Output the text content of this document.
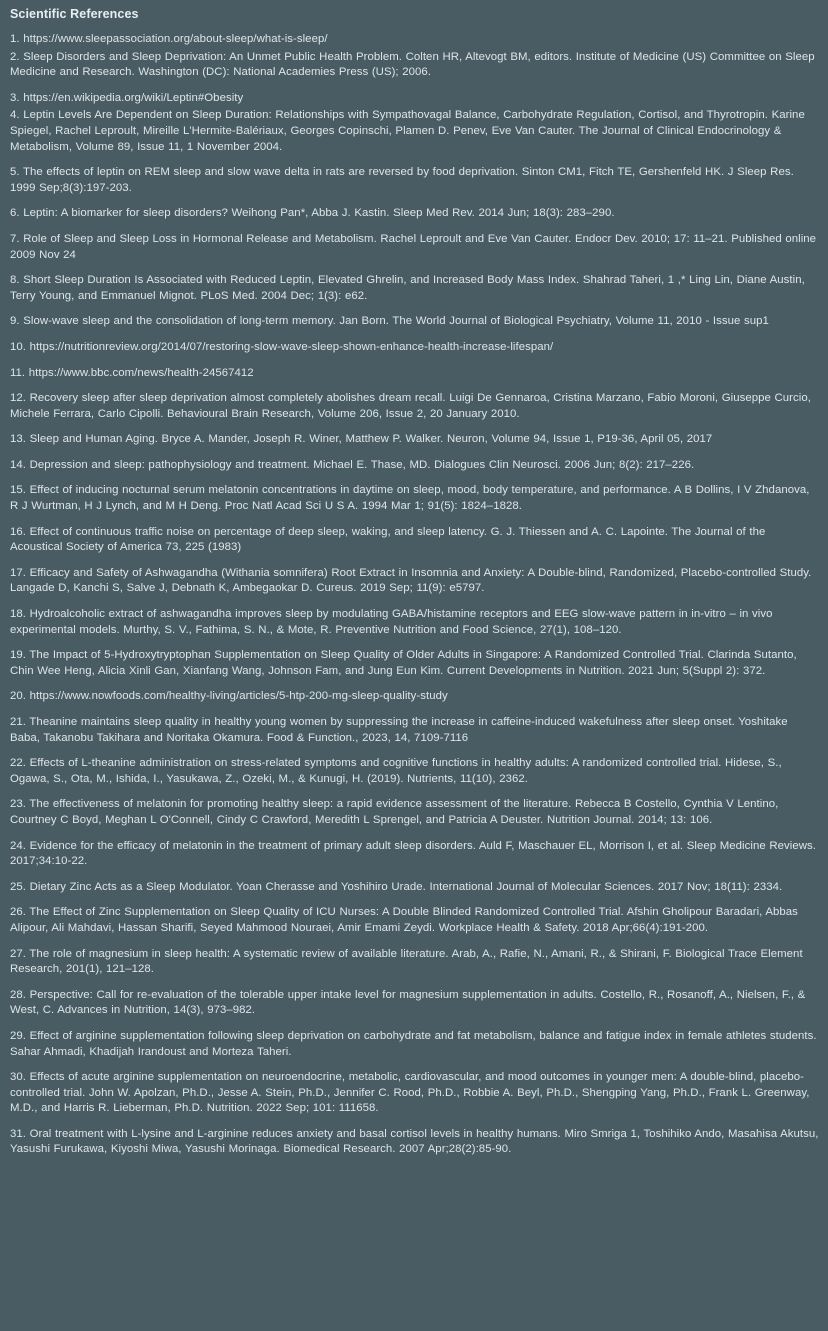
Scientific References
1. https://www.sleepassociation.org/about-sleep/what-is-sleep/
2. Sleep Disorders and Sleep Deprivation: An Unmet Public Health Problem. Colten HR, Altevogt BM, editors. Institute of Medicine (US) Committee on Sleep Medicine and Research. Washington (DC): National Academies Press (US); 2006.
3. https://en.wikipedia.org/wiki/Leptin#Obesity
4. Leptin Levels Are Dependent on Sleep Duration: Relationships with Sympathovagal Balance, Carbohydrate Regulation, Cortisol, and Thyrotropin. Karine Spiegel, Rachel Leproult, Mireille L'Hermite-Balériaux, Georges Copinschi, Plamen D. Penev, Eve Van Cauter. The Journal of Clinical Endocrinology & Metabolism, Volume 89, Issue 11, 1 November 2004.
5. The effects of leptin on REM sleep and slow wave delta in rats are reversed by food deprivation. Sinton CM1, Fitch TE, Gershenfeld HK. J Sleep Res. 1999 Sep;8(3):197-203.
6. Leptin: A biomarker for sleep disorders? Weihong Pan*, Abba J. Kastin. Sleep Med Rev. 2014 Jun; 18(3): 283–290.
7. Role of Sleep and Sleep Loss in Hormonal Release and Metabolism. Rachel Leproult and Eve Van Cauter. Endocr Dev. 2010; 17: 11–21. Published online 2009 Nov 24
8. Short Sleep Duration Is Associated with Reduced Leptin, Elevated Ghrelin, and Increased Body Mass Index. Shahrad Taheri, 1 ,* Ling Lin, Diane Austin, Terry Young, and Emmanuel Mignot. PLoS Med. 2004 Dec; 1(3): e62.
9. Slow-wave sleep and the consolidation of long-term memory. Jan Born. The World Journal of Biological Psychiatry, Volume 11, 2010 - Issue sup1
10. https://nutritionreview.org/2014/07/restoring-slow-wave-sleep-shown-enhance-health-increase-lifespan/
11. https://www.bbc.com/news/health-24567412
12. Recovery sleep after sleep deprivation almost completely abolishes dream recall. Luigi De Gennaroa, Cristina Marzano, Fabio Moroni, Giuseppe Curcio, Michele Ferrara, Carlo Cipolli. Behavioural Brain Research, Volume 206, Issue 2, 20 January 2010.
13. Sleep and Human Aging. Bryce A. Mander, Joseph R. Winer, Matthew P. Walker. Neuron, Volume 94, Issue 1, P19-36, April 05, 2017
14. Depression and sleep: pathophysiology and treatment. Michael E. Thase, MD. Dialogues Clin Neurosci. 2006 Jun; 8(2): 217–226.
15. Effect of inducing nocturnal serum melatonin concentrations in daytime on sleep, mood, body temperature, and performance. A B Dollins, I V Zhdanova, R J Wurtman, H J Lynch, and M H Deng. Proc Natl Acad Sci U S A. 1994 Mar 1; 91(5): 1824–1828.
16. Effect of continuous traffic noise on percentage of deep sleep, waking, and sleep latency. G. J. Thiessen and A. C. Lapointe. The Journal of the Acoustical Society of America 73, 225 (1983)
17. Efficacy and Safety of Ashwagandha (Withania somnifera) Root Extract in Insomnia and Anxiety: A Double-blind, Randomized, Placebo-controlled Study. Langade D, Kanchi S, Salve J, Debnath K, Ambegaokar D. Cureus. 2019 Sep; 11(9): e5797.
18. Hydroalcoholic extract of ashwagandha improves sleep by modulating GABA/histamine receptors and EEG slow-wave pattern in in-vitro – in vivo experimental models. Murthy, S. V., Fathima, S. N., & Mote, R. Preventive Nutrition and Food Science, 27(1), 108–120.
19. The Impact of 5-Hydroxytryptophan Supplementation on Sleep Quality of Older Adults in Singapore: A Randomized Controlled Trial. Clarinda Sutanto, Chin Wee Heng, Alicia Xinli Gan, Xianfang Wang, Johnson Fam, and Jung Eun Kim. Current Developments in Nutrition. 2021 Jun; 5(Suppl 2): 372.
20. https://www.nowfoods.com/healthy-living/articles/5-htp-200-mg-sleep-quality-study
21. Theanine maintains sleep quality in healthy young women by suppressing the increase in caffeine-induced wakefulness after sleep onset. Yoshitake Baba, Takanobu Takihara and Noritaka Okamura. Food & Function., 2023, 14, 7109-7116
22. Effects of L-theanine administration on stress-related symptoms and cognitive functions in healthy adults: A randomized controlled trial. Hidese, S., Ogawa, S., Ota, M., Ishida, I., Yasukawa, Z., Ozeki, M., & Kunugi, H. (2019). Nutrients, 11(10), 2362.
23. The effectiveness of melatonin for promoting healthy sleep: a rapid evidence assessment of the literature. Rebecca B Costello, Cynthia V Lentino, Courtney C Boyd, Meghan L O'Connell, Cindy C Crawford, Meredith L Sprengel, and Patricia A Deuster. Nutrition Journal. 2014; 13: 106.
24. Evidence for the efficacy of melatonin in the treatment of primary adult sleep disorders. Auld F, Maschauer EL, Morrison I, et al. Sleep Medicine Reviews. 2017;34:10-22.
25. Dietary Zinc Acts as a Sleep Modulator. Yoan Cherasse and Yoshihiro Urade. International Journal of Molecular Sciences. 2017 Nov; 18(11): 2334.
26. The Effect of Zinc Supplementation on Sleep Quality of ICU Nurses: A Double Blinded Randomized Controlled Trial. Afshin Gholipour Baradari, Abbas Alipour, Ali Mahdavi, Hassan Sharifi, Seyed Mahmood Nouraei, Amir Emami Zeydi. Workplace Health & Safety. 2018 Apr;66(4):191-200.
27. The role of magnesium in sleep health: A systematic review of available literature. Arab, A., Rafie, N., Amani, R., & Shirani, F. Biological Trace Element Research, 201(1), 121–128.
28. Perspective: Call for re-evaluation of the tolerable upper intake level for magnesium supplementation in adults. Costello, R., Rosanoff, A., Nielsen, F., & West, C. Advances in Nutrition, 14(3), 973–982.
29. Effect of arginine supplementation following sleep deprivation on carbohydrate and fat metabolism, balance and fatigue index in female athletes students. Sahar Ahmadi, Khadijah Irandoust and Morteza Taheri.
30. Effects of acute arginine supplementation on neuroendocrine, metabolic, cardiovascular, and mood outcomes in younger men: A double-blind, placebo-controlled trial. John W. Apolzan, Ph.D., Jesse A. Stein, Ph.D., Jennifer C. Rood, Ph.D., Robbie A. Beyl, Ph.D., Shengping Yang, Ph.D., Frank L. Greenway, M.D., and Harris R. Lieberman, Ph.D. Nutrition. 2022 Sep; 101: 111658.
31. Oral treatment with L-lysine and L-arginine reduces anxiety and basal cortisol levels in healthy humans. Miro Smriga 1, Toshihiko Ando, Masahisa Akutsu, Yasushi Furukawa, Kiyoshi Miwa, Yasushi Morinaga. Biomedical Research. 2007 Apr;28(2):85-90.
